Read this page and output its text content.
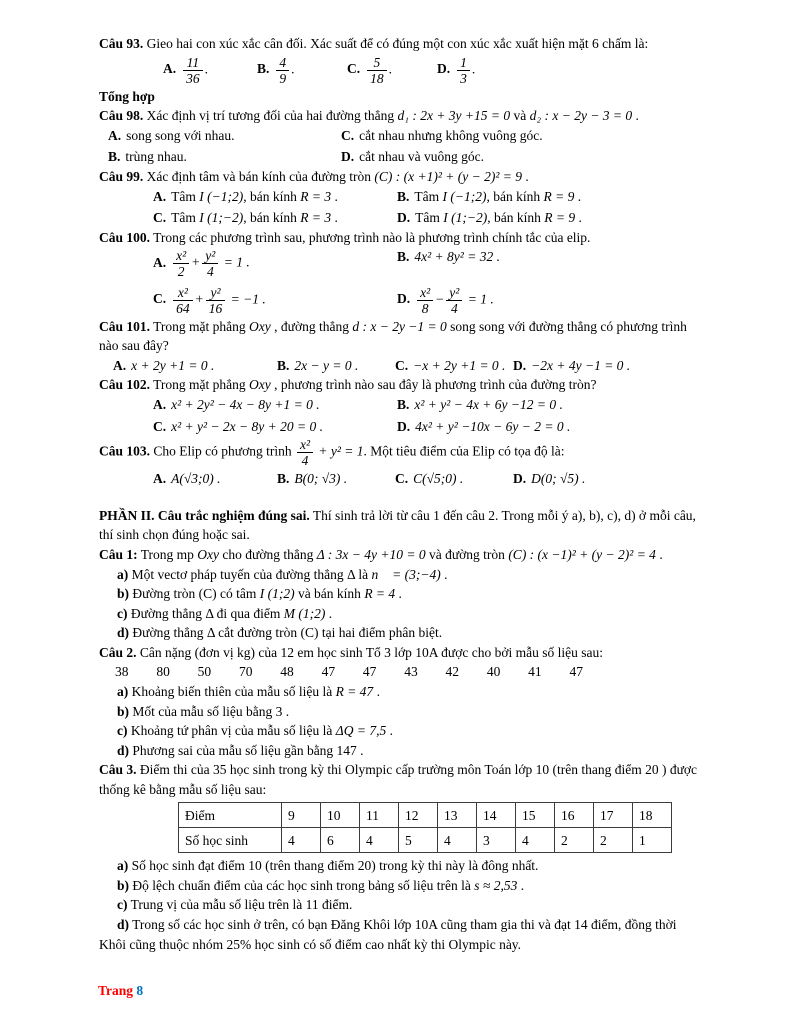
Câu 93. Gieo hai con xúc xắc cân đối. Xác suất để có đúng một con xúc xắc xuất hiện mặt 6 chấm là:

A. $\frac{11}{36}$ .	B. $\frac{4}{9}$ .	C. $\frac{5}{18}$ .	D. $\frac{1}{3}$ .

Tổng hợp

Câu 98. Xác định vị trí tương đối của hai đường thẳng d₁ : 2x + 3y +15 = 0 và d₂ : x − 2y − 3 = 0 .

A. song song với nhau.	C. cắt nhau nhưng không vuông góc.
B. trùng nhau.	D. cắt nhau và vuông góc.

Câu 99. Xác định tâm và bán kính của đường tròn (C) : (x +1)² + (y − 2)² = 9 .

A. Tâm I (−1;2), bán kính R = 3 .	B. Tâm I (−1;2), bán kính R = 9 .
C. Tâm I (1;−2), bán kính R = 3 .	D. Tâm I (1;−2), bán kính R = 9 .

Câu 100. Trong các phương trình sau, phương trình nào là phương trình chính tắc của elip.

A. $\frac{\text{x²}}{2} + \frac{\text{y²}}{4} = 1$ .	B. 4x² + 8y² = 32 .
C. $\frac{\text{x²}}{64} + \frac{\text{y²}}{16} = -1$ .	D. $\frac{\text{x²}}{8} - \frac{\text{y²}}{4} = 1$ .

Câu 101. Trong mặt phẳng Oxy , đường thẳng d : x − 2y −1 = 0 song song với đường thẳng có phương trình nào sau đây?

A. x + 2y +1 = 0 .	B. 2x − y = 0 .	C. −x + 2y +1 = 0 . D. −2x + 4y −1 = 0 .

Câu 102. Trong mặt phẳng Oxy , phương trình nào sau đây là phương trình của đường tròn?

A. x² + 2y² − 4x − 8y +1 = 0 .	B. x² + y² − 4x + 6y −12 = 0 .
C. x² + y² − 2x − 8y + 20 = 0 .	D. 4x² + y² −10x − 6y − 2 = 0 .

Câu 103. Cho Elip có phương trình $\frac{\text{x²}}{4} + y^2 = 1$. Một tiêu điểm của Elip có tọa độ là:

A. A(√3;0) .	B. B(0; √3) .	C. C(√5;0) .	D. D(0; √5) .

PHẦN II. Câu trắc nghiệm đúng sai. Thí sinh trả lời từ câu 1 đến câu 2. Trong mỗi ý a), b), c), d) ở mỗi câu, thí sinh chọn đúng hoặc sai.

Câu 1: Trong mp Oxy cho đường thẳng Δ : 3x − 4y +10 = 0 và đường tròn (C) : (x −1)² + (y − 2)² = 4 .

a) Một vectơ pháp tuyến của đường thẳng Δ là n⃗ = (3;−4) .

b) Đường tròn (C) có tâm I (1;2) và bán kính R = 4 .

c) Đường thẳng Δ đi qua điểm M (1;2) .

d) Đường thẳng Δ cắt đường tròn (C) tại hai điểm phân biệt.

Câu 2. Cân nặng (đơn vị kg) của 12 em học sinh Tổ 3 lớp 10A được cho bởi mẫu số liệu sau:

38 80 50 70 48 47 47 43 42 40 41 47

a) Khoảng biến thiên của mẫu số liệu là R = 47 .

b) Mốt của mẫu số liệu bằng 3 .

c) Khoảng tứ phân vị của mẫu số liệu là ΔQ = 7,5 .

d) Phương sai của mẫu số liệu gần bằng 147 .

Câu 3. Điểm thi của 35 học sinh trong kỳ thi Olympic cấp trường môn Toán lớp 10 (trên thang điểm 20 ) được thống kê bằng mẫu số liệu sau:

Điểm	9	10	11	12	13	14	15	16	17	18
Số học sinh	4	6	4	5	4	3	4	2	2	1

a) Số học sinh đạt điểm 10 (trên thang điểm 20) trong kỳ thi này là đông nhất.

b) Độ lệch chuẩn điểm của các học sinh trong bảng số liệu trên là s ≈ 2,53 .

c) Trung vị của mẫu số liệu trên là 11 điểm.

d) Trong số các học sinh ở trên, có bạn Đăng Khôi lớp 10A cũng tham gia thi và đạt 14 điểm, đồng thời Khôi cũng thuộc nhóm 25% học sinh có số điểm cao nhất kỳ thi Olympic này.

Trang 8
